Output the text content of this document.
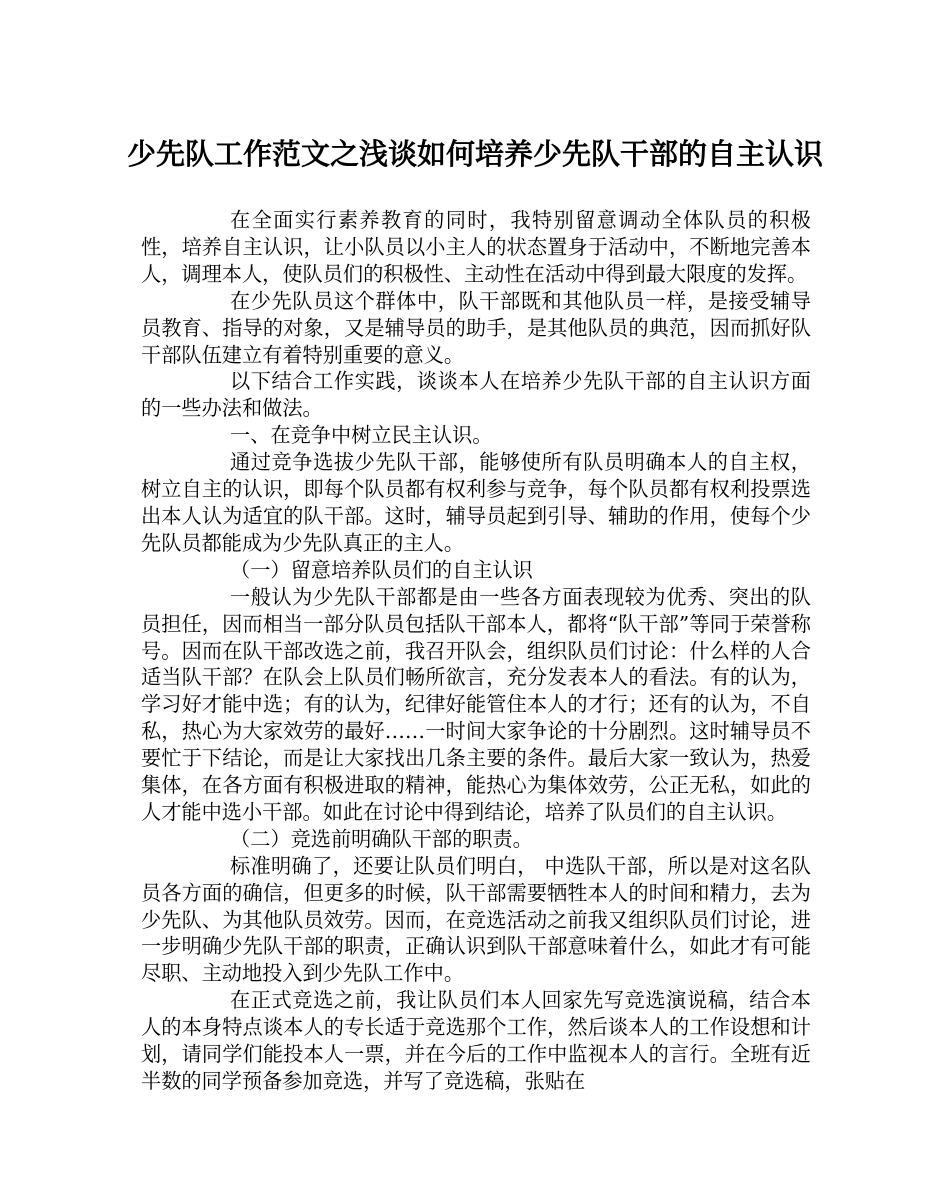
少先队工作范文之浅谈如何培养少先队干部的自主认识

在全面实行素养教育的同时，我特别留意调动全体队员的积极性，培养自主认识，让小队员以小主人的状态置身于活动中，不断地完善本人，调理本人，使队员们的积极性、主动性在活动中得到最大限度的发挥。

在少先队员这个群体中，队干部既和其他队员一样，是接受辅导员教育、指导的对象，又是辅导员的助手，是其他队员的典范，因而抓好队干部队伍建立有着特别重要的意义。

以下结合工作实践，谈谈本人在培养少先队干部的自主认识方面的一些办法和做法。

一、在竞争中树立民主认识。

通过竞争选拔少先队干部，能够使所有队员明确本人的自主权，树立自主的认识，即每个队员都有权利参与竞争，每个队员都有权利投票选出本人认为适宜的队干部。这时，辅导员起到引导、辅助的作用，使每个少先队员都能成为少先队真正的主人。

（一）留意培养队员们的自主认识

一般认为少先队干部都是由一些各方面表现较为优秀、突出的队员担任，因而相当一部分队员包括队干部本人，都将“队干部”等同于荣誉称号。因而在队干部改选之前，我召开队会，组织队员们讨论：什么样的人合适当队干部？在队会上队员们畅所欲言，充分发表本人的看法。有的认为，学习好才能中选；有的认为，纪律好能管住本人的才行；还有的认为，不自私，热心为大家效劳的最好……一时间大家争论的十分剧烈。这时辅导员不要忙于下结论，而是让大家找出几条主要的条件。最后大家一致认为，热爱集体，在各方面有积极进取的精神，能热心为集体效劳，公正无私，如此的人才能中选小干部。如此在讨论中得到结论，培养了队员们的自主认识。

（二）竞选前明确队干部的职责。

标准明确了，还要让队员们明白， 中选队干部，所以是对这名队员各方面的确信，但更多的时候，队干部需要牺牲本人的时间和精力，去为少先队、为其他队员效劳。因而，在竞选活动之前我又组织队员们讨论，进一步明确少先队干部的职责，正确认识到队干部意味着什么，如此才有可能尽职、主动地投入到少先队工作中。

在正式竞选之前，我让队员们本人回家先写竞选演说稿，结合本人的本身特点谈本人的专长适于竞选那个工作，然后谈本人的工作设想和计划，请同学们能投本人一票，并在今后的工作中监视本人的言行。全班有近半数的同学预备参加竞选，并写了竞选稿，张贴在
